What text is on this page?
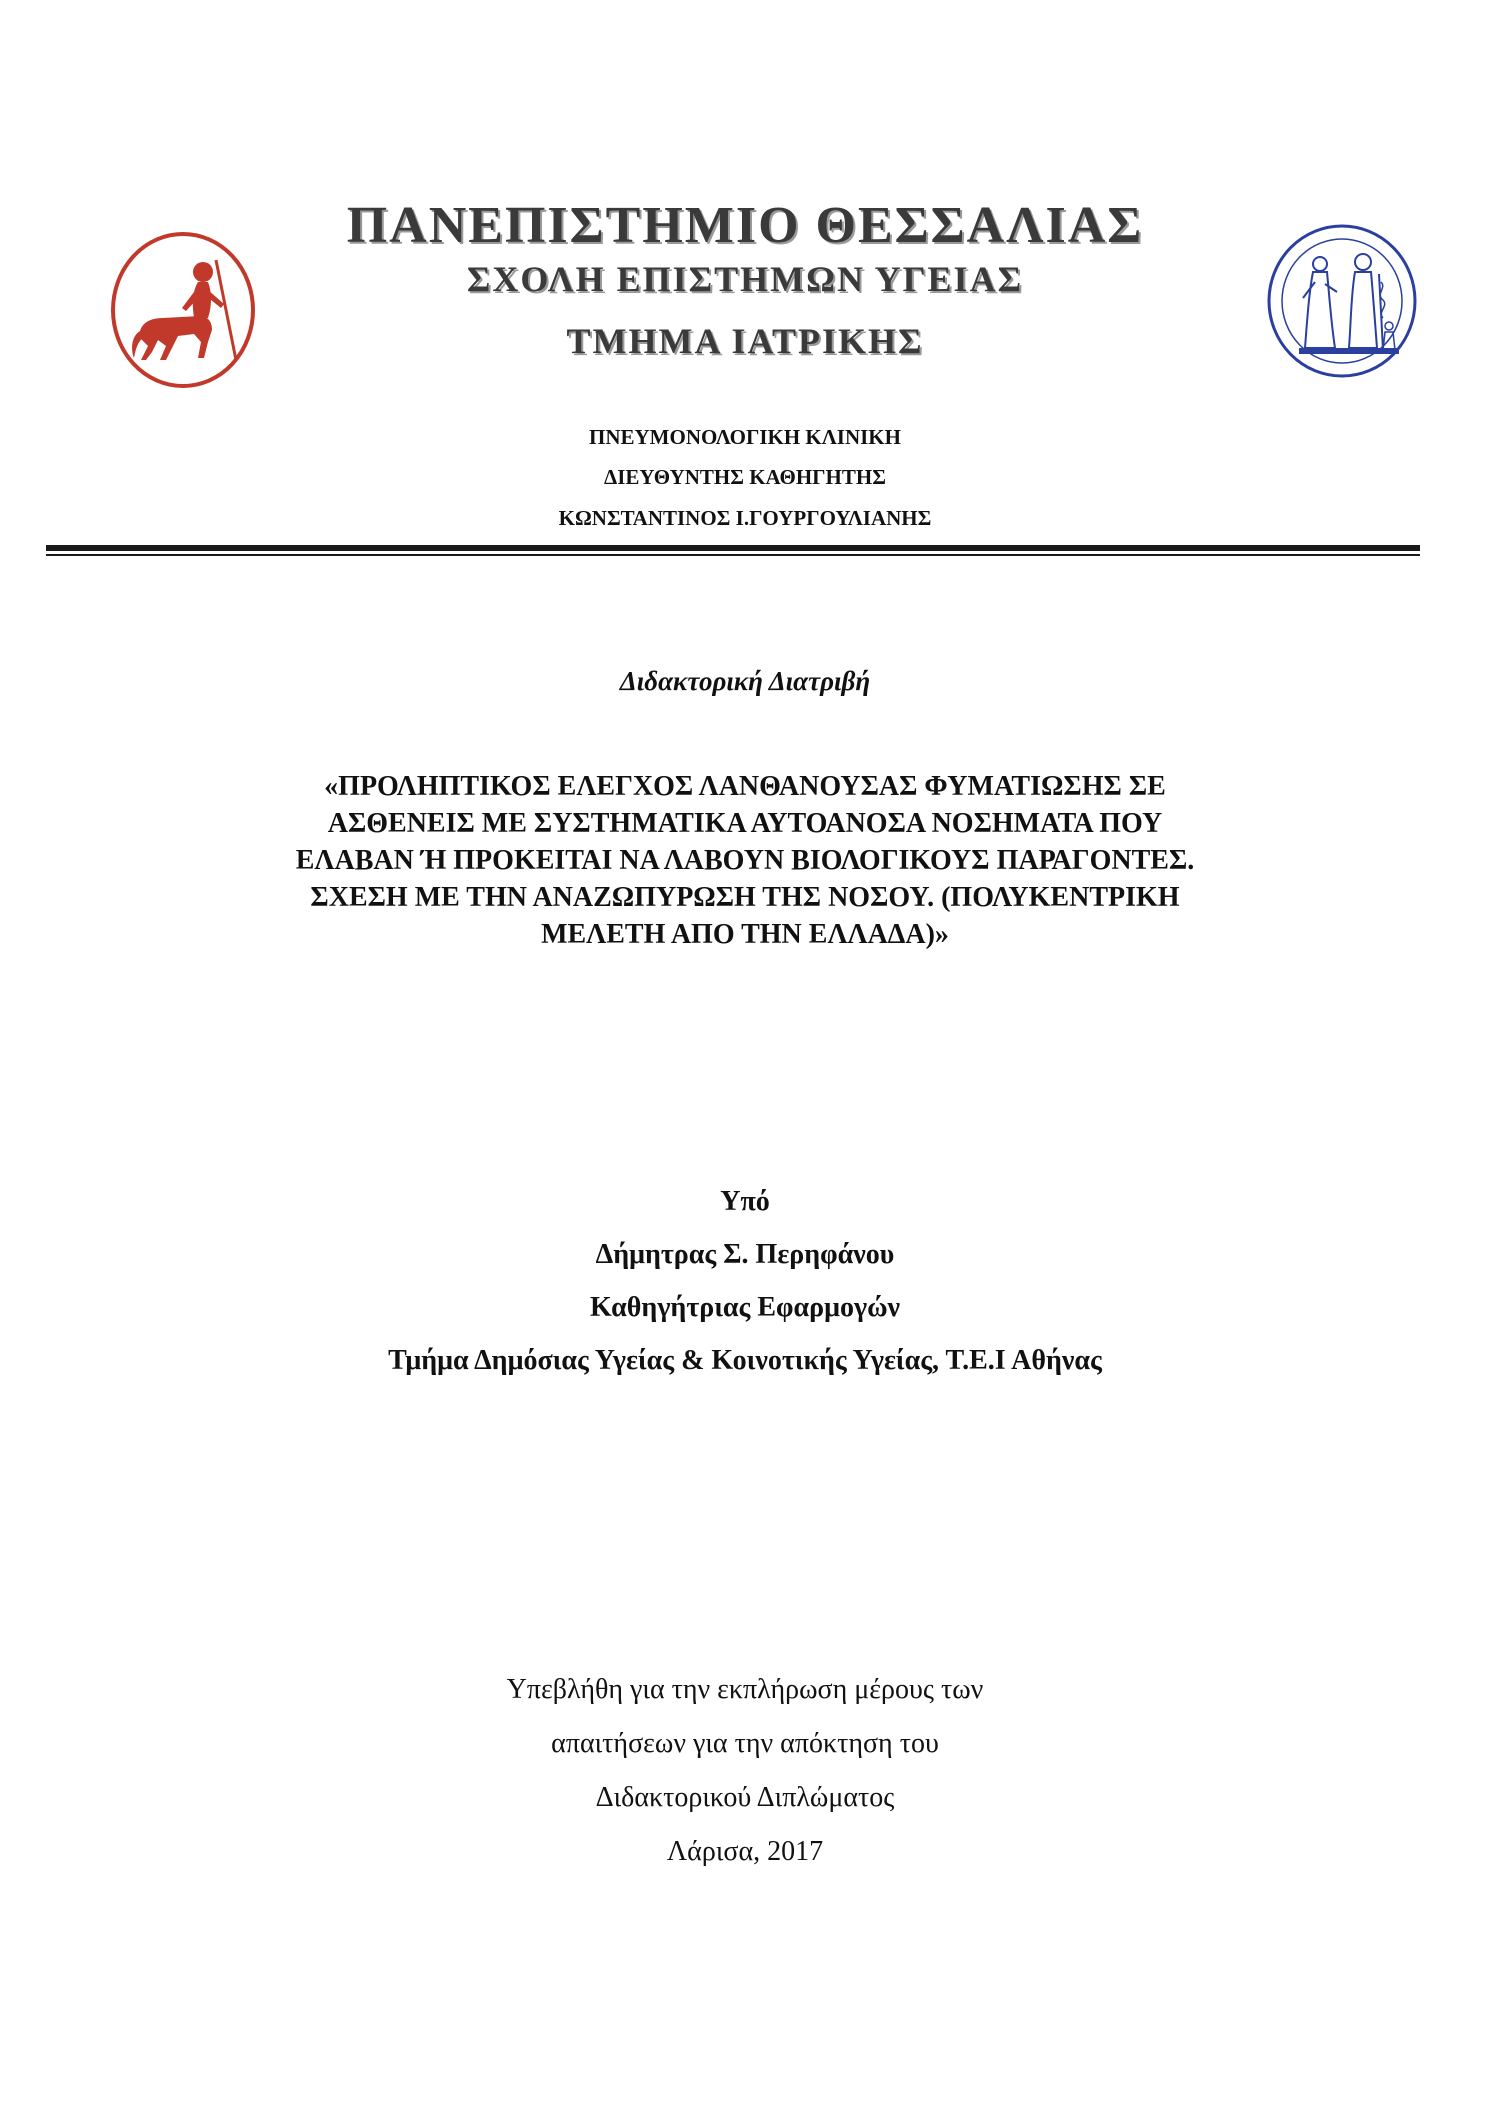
ΠΑΝΕΠΙΣΤΗΜΙΟ ΘΕΣΣΑΛΙΑΣ
ΣΧΟΛΗ ΕΠΙΣΤΗΜΩΝ ΥΓΕΙΑΣ
ΤΜΗΜΑ ΙΑΤΡΙΚΗΣ
ΠΝΕΥΜΟΝΟΛΟΓΙΚΗ ΚΛΙΝΙΚΗ
ΔΙΕΥΘΥΝΤΗΣ ΚΑΘΗΓΗΤΗΣ
ΚΩΝΣΤΑΝΤΙΝΟΣ Ι.ΓΟΥΡΓΟΥΛΙΑΝΗΣ
Διδακτορική Διατριβή
«ΠΡΟΛΗΠΤΙΚΟΣ ΕΛΕΓΧΟΣ ΛΑΝΘΑΝΟΥΣΑΣ ΦΥΜΑΤΙΩΣΗΣ ΣΕ
ΑΣΘΕΝΕΙΣ ΜΕ ΣΥΣΤΗΜΑΤΙΚΑ ΑΥΤΟΑΝΟΣΑ ΝΟΣΗΜΑΤΑ ΠΟΥ
ΕΛΑΒΑΝ Ή ΠΡΟΚΕΙΤΑΙ ΝΑ ΛΑΒΟΥΝ ΒΙΟΛΟΓΙΚΟΥΣ ΠΑΡΑΓΟΝΤΕΣ.
ΣΧΕΣΗ ΜΕ ΤΗΝ ΑΝΑΖΩΠΥΡΩΣΗ ΤΗΣ ΝΟΣΟΥ. (ΠΟΛΥΚΕΝΤΡΙΚΗ
ΜΕΛΕΤΗ ΑΠΟ ΤΗΝ ΕΛΛΑΔΑ)»
Υπό
Δήμητρας Σ. Περηφάνου
Καθηγήτριας Εφαρμογών
Τμήμα Δημόσιας Υγείας & Κοινοτικής Υγείας, Τ.Ε.Ι Αθήνας
Υπεβλήθη για την εκπλήρωση μέρους των
απαιτήσεων για την απόκτηση του
Διδακτορικού Διπλώματος
Λάρισα, 2017
